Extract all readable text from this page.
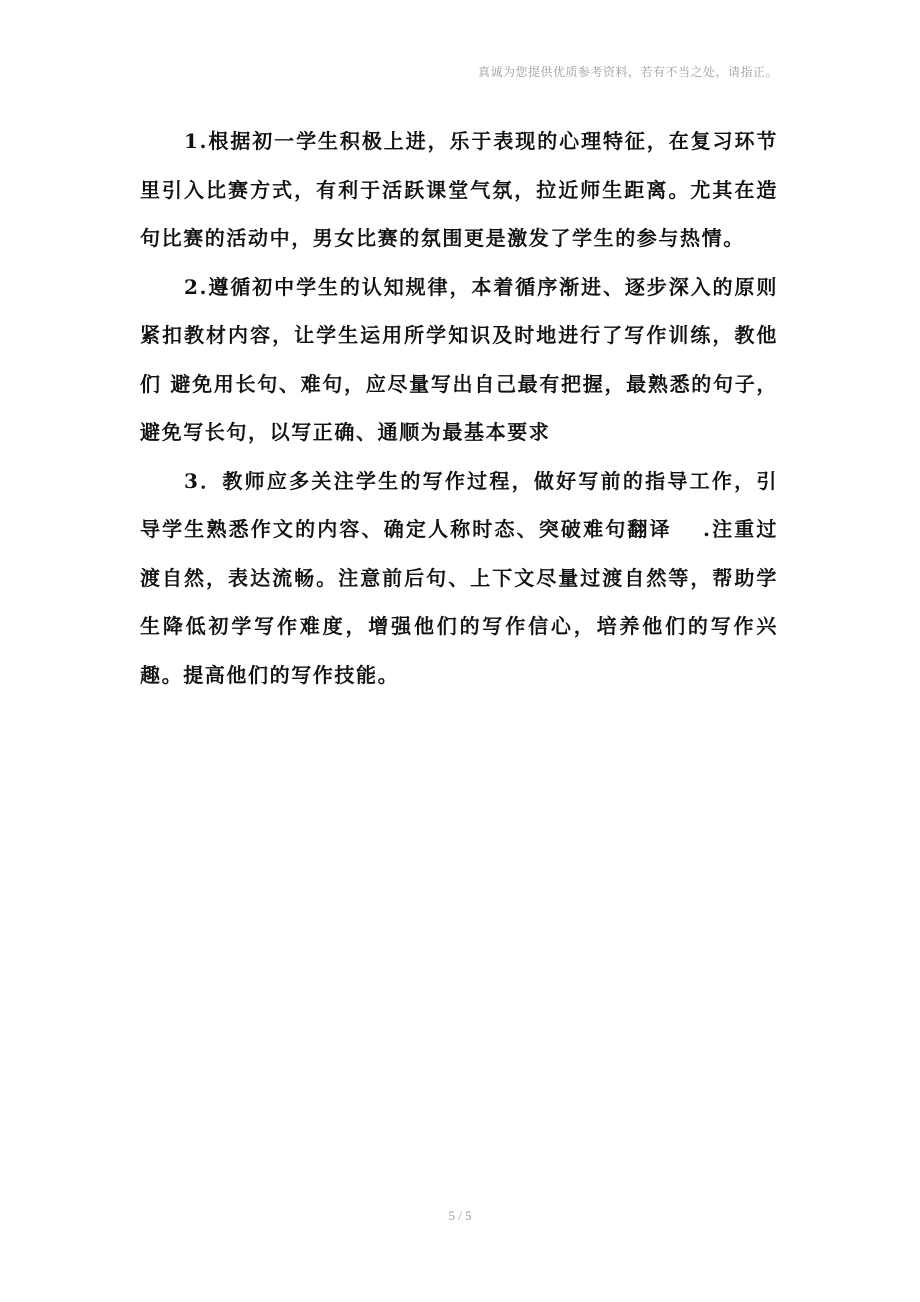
真诚为您提供优质参考资料，若有不当之处，请指正。

1.根据初一学生积极上进，乐于表现的心理特征，在复习环节里引入比赛方式，有利于活跃课堂气氛，拉近师生距离。尤其在造句比赛的活动中，男女比赛的氛围更是激发了学生的参与热情。

2.遵循初中学生的认知规律，本着循序渐进、逐步深入的原则紧扣教材内容，让学生运用所学知识及时地进行了写作训练，教他们 避免用长句、难句，应尽量写出自己最有把握，最熟悉的句子，避免写长句，以写正确、通顺为最基本要求

3．教师应多关注学生的写作过程，做好写前的指导工作，引导学生熟悉作文的内容、确定人称时态、突破难句翻译　 .注重过渡自然，表达流畅。注意前后句、上下文尽量过渡自然等，帮助学生降低初学写作难度，增强他们的写作信心，培养他们的写作兴趣。提高他们的写作技能。

5 / 5
